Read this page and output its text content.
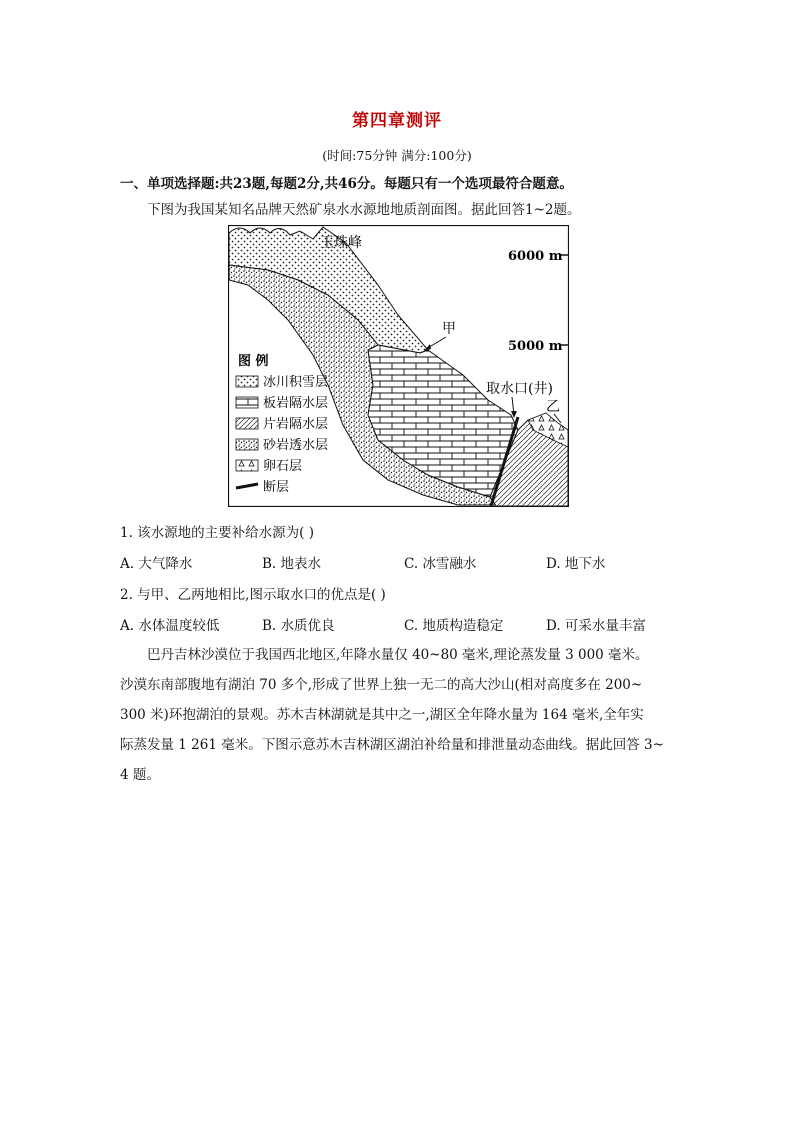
第四章测评
(时间:75分钟 满分:100分)
一、单项选择题:共23题,每题2分,共46分。每题只有一个选项最符合题意。
下图为我国某知名品牌天然矿泉水水源地地质剖面图。据此回答1~2题。
6000 m
5000 m
玉珠峰
甲
取水口(井)
乙
图 例
冰川积雪层
板岩隔水层
片岩隔水层
砂岩透水层
卵石层
断层
1. 该水源地的主要补给水源为( )
A. 大气降水	B. 地表水	C. 冰雪融水	D. 地下水
2. 与甲、乙两地相比,图示取水口的优点是( )
A. 水体温度较低	B. 水质优良	C. 地质构造稳定	D. 可采水量丰富

巴丹吉林沙漠位于我国西北地区,年降水量仅 40~80 毫米,理论蒸发量 3 000 毫米。

沙漠东南部腹地有湖泊 70 多个,形成了世界上独一无二的高大沙山(相对高度多在 200~

300 米)环抱湖泊的景观。苏木吉林湖就是其中之一,湖区全年降水量为 164 毫米,全年实

际蒸发量 1 261 毫米。下图示意苏木吉林湖区湖泊补给量和排泄量动态曲线。据此回答 3~

4 题。
